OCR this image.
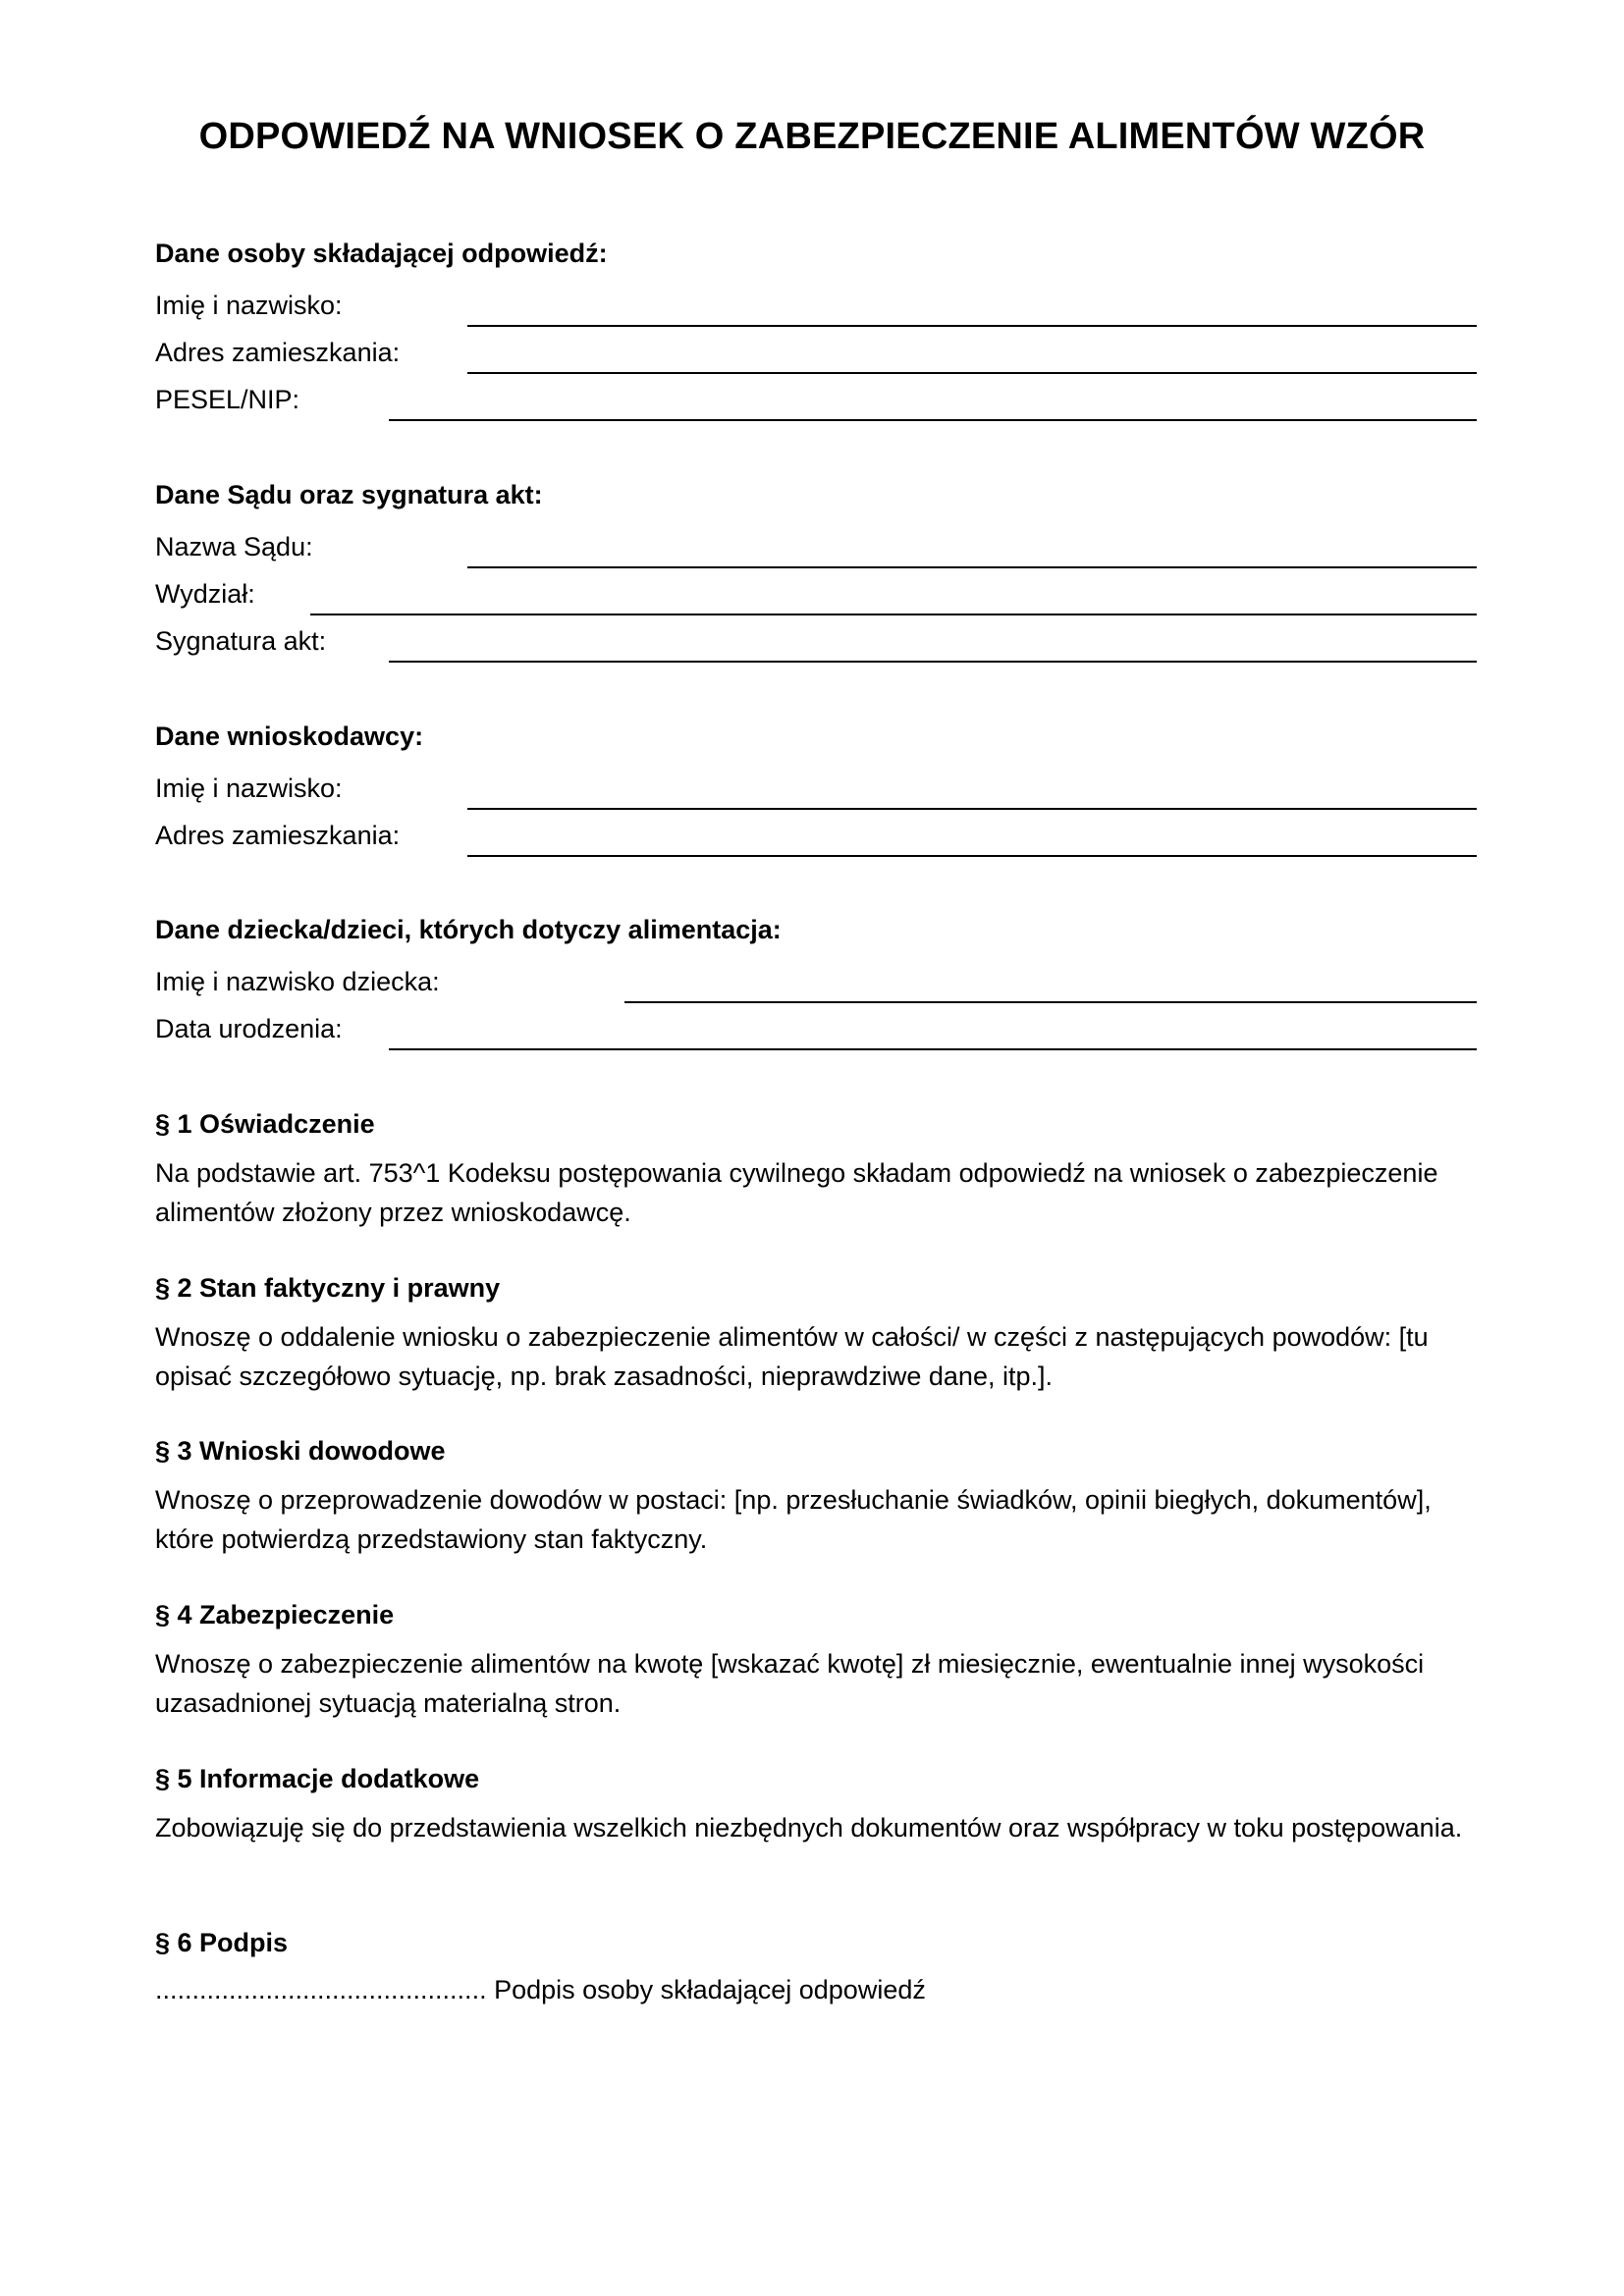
ODPOWIEDŹ NA WNIOSEK O ZABEZPIECZENIE ALIMENTÓW WZÓR
Dane osoby składającej odpowiedź:
Imię i nazwisko:
Adres zamieszkania:
PESEL/NIP:
Dane Sądu oraz sygnatura akt:
Nazwa Sądu:
Wydział:
Sygnatura akt:
Dane wnioskodawcy:
Imię i nazwisko:
Adres zamieszkania:
Dane dziecka/dzieci, których dotyczy alimentacja:
Imię i nazwisko dziecka:
Data urodzenia:
§ 1 Oświadczenie
Na podstawie art. 753^1 Kodeksu postępowania cywilnego składam odpowiedź na wniosek o zabezpieczenie alimentów złożony przez wnioskodawcę.
§ 2 Stan faktyczny i prawny
Wnoszę o oddalenie wniosku o zabezpieczenie alimentów w całości/ w części z następujących powodów: [tu opisać szczegółowo sytuację, np. brak zasadności, nieprawdziwe dane, itp.].
§ 3 Wnioski dowodowe
Wnoszę o przeprowadzenie dowodów w postaci: [np. przesłuchanie świadków, opinii biegłych, dokumentów], które potwierdzą przedstawiony stan faktyczny.
§ 4 Zabezpieczenie
Wnoszę o zabezpieczenie alimentów na kwotę [wskazać kwotę] zł miesięcznie, ewentualnie innej wysokości uzasadnionej sytuacją materialną stron.
§ 5 Informacje dodatkowe
Zobowiązuję się do przedstawienia wszelkich niezbędnych dokumentów oraz współpracy w toku postępowania.
§ 6 Podpis
............................................. Podpis osoby składającej odpowiedź
